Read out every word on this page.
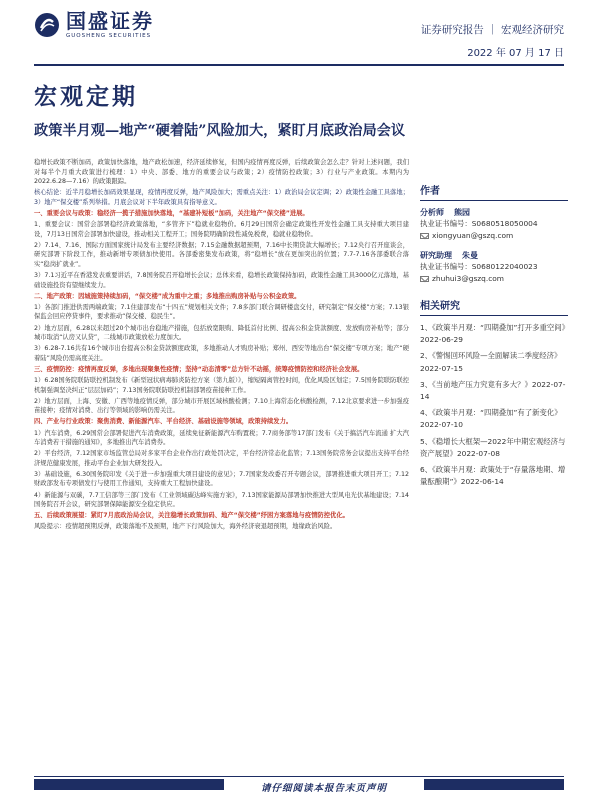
国盛证券
GUOSHENG SECURITIES	证券研究报告 ｜ 宏观经济研究
2022 年 07 月 17 日
宏观定期
政策半月观—地产“硬着陆”风险加大，紧盯月底政治局会议

稳增长政策不断加码，政策加快落地，地产政松加速，经济延续修复，但国内疫情再度反弹，后续政策会怎么走？针对上述问题，我们对每半个月重大政策进行梳理：1）中央、部委、地方的重要会议与政策；2）疫情防控政策；3）行业与产业政策。本期内为2022.6.28—7.16）的政策跟踪。

核心结论：近半月稳增长加码效果显现，疫情再度反弹，地产风险加大；需重点关注：1）政治局会议定调；2）政策性金融工具落地；3）地产“保交楼”系列举措。月底会议对下半年政策具有指导意义。

一、重要会议与政策：稳经济一揽子措施加快落地，“基建补短板”加码，关注地产“保交楼”进展。

1、重要会议：国常会部署稳经济政策落地，“多管齐下”稳就业稳物价。6月29日国常会确定政策性开发性金融工具支持重大项目建设，7月13日国常会部署加快建设，推动相关工程开工；国务院明确阶段性减免税费，稳就业稳物价。

2）7.14、7.16、国际方面国家统计局发布主要经济数据；7.15金融数据超预期，7.16中长期贷款大幅增长；7.12央行召开座谈会，研究部署下阶段工作，推动新增专项债加快使用。各部委密集发布政策，将“稳增长”放在更加突出的位置；7.7-7.16各部委联合落实“稳岗扩就业”。

3）7.1习近平在香港发表重要讲话，7.8国务院召开稳增长会议；总体来看，稳增长政策保持加码，政策性金融工具3000亿元落地，基础设施投资有望继续发力。

二、地产政策：因城施策持续加码，“保交楼”成为重中之重；多地推出购房补贴与公积金政策。

1）各部门推进供需两端政策；7.1住建部发布“十四五”规划相关文件；7.8多部门联合调研楼盘交付，研究制定“保交楼”方案；7.13银保监会回应停贷事件，要求推动“保交楼、稳民生”。

2）地方层面，6.28以来超过20个城市出台稳地产措施，包括放宽限购、降低首付比例、提高公积金贷款额度、发放购房补贴等；部分城市取消“认房又认贷”，二线城市政策放松力度加大。

3）6.28-7.16共有16个城市出台提高公积金贷款额度政策，多地推动人才购房补贴；郑州、西安等地出台“保交楼”专项方案；地产“硬着陆”风险仍需高度关注。

三、疫情防控：疫情再度反弹，多地出现聚集性疫情；坚持“动态清零”总方针不动摇，统筹疫情防控和经济社会发展。

1）6.28国务院联防联控机制发布《新型冠状病毒肺炎防控方案（第九版）》，缩短隔离管控时间，优化风险区划定；7.5国务院联防联控机制强调坚决纠正“层层加码”；7.13国务院联防联控机制部署疫苗接种工作。

2）地方层面，上海、安徽、广西等地疫情反弹，部分城市开展区域核酸检测；7.10上海常态化核酸检测，7.12北京要求进一步加强疫苗接种；疫情对消费、出行等领域的影响仍需关注。

四、产业与行业政策：聚焦消费、新能源汽车、平台经济、基础设施等领域，政策持续发力。

1）汽车消费，6.29国常会部署促进汽车消费政策，延续免征新能源汽车购置税；7.7商务部等17部门发布《关于搞活汽车流通 扩大汽车消费若干措施的通知》，多地推出汽车消费券。

2）平台经济，7.12国家市场监管总局对多家平台企业作出行政处罚决定，平台经济常态化监管；7.13国务院常务会议提出支持平台经济规范健康发展，推动平台企业加大研发投入。

3）基础设施，6.30国务院印发《关于进一步加强重大项目建设的意见》；7.7国家发改委召开专题会议，部署推进重大项目开工；7.12财政部发布专项债发行与使用工作通知，支持重大工程加快建设。

4）新能源与双碳，7.7工信部等三部门发布《工业领域碳达峰实施方案》，7.13国家能源局部署加快推进大型风电光伏基地建设；7.14国务院召开会议，研究部署保障能源安全稳定供应。

五、后续政策展望：紧盯7月底政治局会议，关注稳增长政策加码、地产“保交楼”纾困方案落地与疫情防控优化。

风险提示：疫情超预期反弹，政策落地不及预期，地产下行风险加大，海外经济衰退超预期，地缘政治风险。

作者
分析师 熊园
执业证书编号：S0680518050004
xiongyuan@gszq.com
研究助理 朱曼
执业证书编号：S0680122040023
zhuhui3@gszq.com
相关研究
1、《政策半月观：“四期叠加”打开多重空间》2022-06-29
2、《警惕回环风险—全面解读二季度经济》2022-07-15
3、《当前地产压力究竟有多大？》2022-07-14
4、《政策半月观：“四期叠加”有了新变化》2022-07-10
5、《稳增长大框架—2022年中期宏观经济与资产展望》2022-07-08
6、《政策半月观：政策处于“存量落地期、增量酝酿期”》2022-06-14
请仔细阅读本报告末页声明
